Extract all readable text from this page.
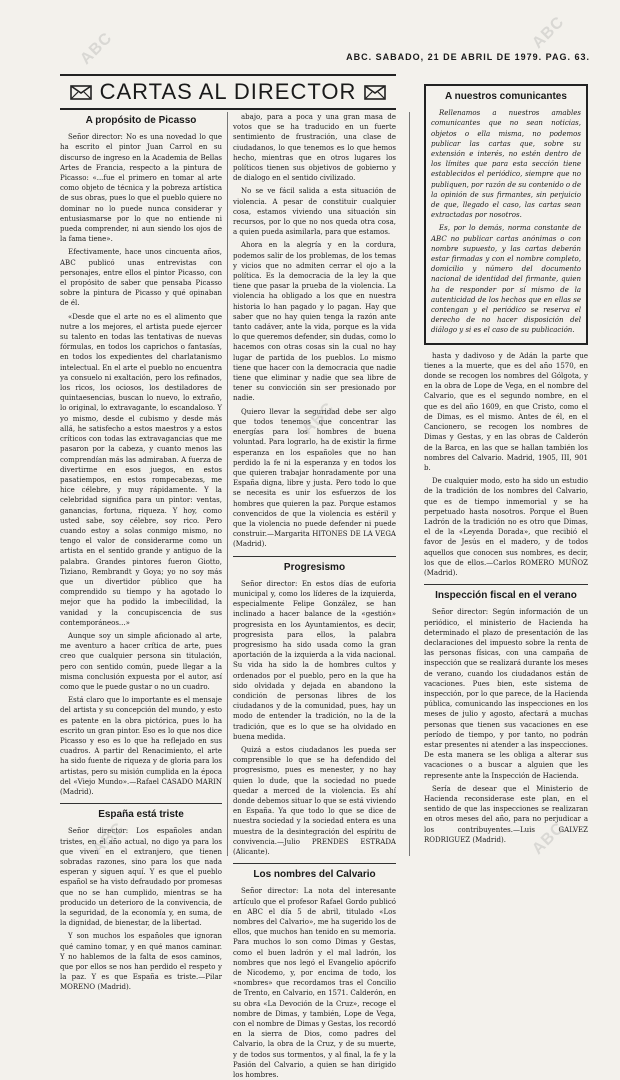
ABC. SABADO, 21 DE ABRIL DE 1979. PAG. 63.
CARTAS AL DIRECTOR
A propósito de Picasso

Señor director: No es una novedad lo que ha escrito el pintor Juan Carrol en su discurso de ingreso en la Academia de Bellas Artes de Francia, respecto a la pintura de Picasso: «...fue el primero en tomar al arte como objeto de técnica y la pobreza artística de sus obras, pues lo que el pueblo quiere no dominar no lo puede nunca considerar y entusiasmarse por lo que no entiende ni pueda comprender, ni aun siendo los ojos de la fama tiene».

Efectivamente, hace unos cincuenta años, ABC publicó unas entrevistas con personajes, entre ellos el pintor Picasso, con el propósito de saber que pensaba Picasso sobre la pintura de Picasso y qué opinaban de él.

«Desde que el arte no es el alimento que nutre a los mejores, el artista puede ejercer su talento en todas las tentativas de nuevas fórmulas, en todos los caprichos o fantasías, en todos los expedientes del charlatanismo intelectual. En el arte el pueblo no encuentra ya consuelo ni exaltación, pero los refinados, los ricos, los ociosos, los destiladores de quintaesencias, buscan lo nuevo, lo extraño, lo original, lo extravagante, lo escandaloso. Y yo mismo, desde el cubismo y desde más allá, he satisfecho a estos maestros y a estos críticos con todas las extravagancias que me pasaron por la cabeza, y cuanto menos las comprendían más las admiraban. A fuerza de divertirme en esos juegos, en estos pasatiempos, en estos rompecabezas, me hice célebre, y muy rápidamente. Y la celebridad significa para un pintor: ventas, ganancias, fortuna, riqueza. Y hoy, como usted sabe, soy célebre, soy rico. Pero cuando estoy a solas conmigo mismo, no tengo el valor de considerarme como un artista en el sentido grande y antiguo de la palabra. Grandes pintores fueron Giotto, Tiziano, Rembrandt y Goya; yo no soy más que un divertidor público que ha comprendido su tiempo y ha agotado lo mejor que ha podido la imbecilidad, la vanidad y la concupiscencia de sus contemporáneos...»

Aunque soy un simple aficionado al arte, me aventuro a hacer crítica de arte, pues creo que cualquier persona sin titulación, pero con sentido común, puede llegar a la misma conclusión expuesta por el autor, así como que le puede gustar o no un cuadro.

Está claro que lo importante es el mensaje del artista y su concepción del mundo, y esto es patente en la obra pictórica, pues lo ha escrito un gran pintor. Eso es lo que nos dice Picasso y eso es lo que ha reflejado en sus cuadros. A partir del Renacimiento, el arte ha sido fuente de riqueza y de gloria para los artistas, pero su misión cumplida en la época del «Viejo Mundo».—Rafael CASADO MARIN (Madrid).

España está triste

Señor director: Los españoles andan tristes, en el año actual, no digo ya para los que viven en el extranjero, que tienen sobradas razones, sino para los que nada esperan y siguen aquí. Y es que el pueblo español se ha visto defraudado por promesas que no se han cumplido, mientras se ha producido un deterioro de la convivencia, de la seguridad, de la economía y, en suma, de la dignidad, de bienestar, de la libertad.

Y son muchos los españoles que ignoran qué camino tomar, y en qué manos caminar. Y no hablemos de la falta de esos caminos, que por ellos se nos han perdido el respeto y la paz. Y es que España es triste.—Pilar MORENO (Madrid).

abajo, para a poca y una gran masa de votos que se ha traducido en un fuerte sentimiento de frustración, una clase de ciudadanos, lo que tenemos es lo que hemos hecho, mientras que en otros lugares los políticos tienen sus objetivos de gobierno y de dialogo en el sentido civilizado.

No se ve fácil salida a esta situación de violencia. A pesar de constituir cualquier cosa, estamos viviendo una situación sin recursos, por lo que no nos queda otra cosa, a quien pueda asimilarla, para que estamos.

Ahora en la alegría y en la cordura, podemos salir de los problemas, de los temas y vicios que no admiten cerrar el ojo a la política. Es la democracia de la ley la que tiene que pasar la prueba de la violencia. La violencia ha obligado a los que en nuestra historia lo han pagado y lo pagan. Hay que saber que no hay quien tenga la razón ante tanto cadáver, ante la vida, porque es la vida lo que queremos defender, sin dudas, como lo hacemos con otras cosas sin la cual no hay lugar de partida de los pueblos. Lo mismo tiene que hacer con la democracia que nadie tiene que eliminar y nadie que sea libre de tener su convicción sin ser presionado por nadie.

Quiero llevar la seguridad debe ser algo que todos tenemos que concentrar las energías para los hombres de buena voluntad. Para lograrlo, ha de existir la firme esperanza en los españoles que no han perdido la fe ni la esperanza y en todos los que quieren trabajar honradamente por una España digna, libre y justa. Pero todo lo que se necesita es unir los esfuerzos de los hombres que quieren la paz. Porque estamos convencidos de que la violencia es estéril y que la violencia no puede defender ni puede construir.—Margarita HITONES DE LA VEGA (Madrid).

Progresismo

Señor director: En estos días de euforia municipal y, como los líderes de la izquierda, especialmente Felipe González, se han inclinado a hacer balance de la «gestión» progresista en los Ayuntamientos, es decir, progresista para ellos, la palabra progresismo ha sido usada como la gran aportación de la izquierda a la vida nacional. Su vida ha sido la de hombres cultos y ordenados por el pueblo, pero en la que ha sido olvidada y dejada en abandono la condición de personas libres de los ciudadanos y de la comunidad, pues, hay un modo de entender la tradición, no la de la tradición, que es lo que se ha olvidado en buena medida.

Quizá a estos ciudadanos les pueda ser comprensible lo que se ha defendido del progresismo, pues es menester, y no hay quien lo dude, que la sociedad no puede quedar a merced de la violencia. Es ahí donde debemos situar lo que se está viviendo en España. Ya que todo lo que se dice de nuestra sociedad y la sociedad entera es una muestra de la desintegración del espíritu de convivencia.—Julio PRENDES ESTRADA (Alicante).

Los nombres del Calvario

Señor director: La nota del interesante artículo que el profesor Rafael Gordo publicó en ABC el día 5 de abril, titulado «Los nombres del Calvario», me ha sugerido los de ellos, que muchos han tenido en su memoria. Para muchos lo son como Dimas y Gestas, como el buen ladrón y el mal ladrón, los nombres que nos legó el Evangelio apócrifo de Nicodemo, y, por encima de todo, los «nombres» que recordamos tras el Concilio de Trento, en Calvario, en 1571. Calderón, en su obra «La Devoción de la Cruz», recoge el nombre de Dimas, y también, Lope de Vega, con el nombre de Dimas y Gestas, los recordó en la sierra de Dios, como padres del Calvario, la obra de la Cruz, y de su muerte, y de todos sus tormentos, y al final, la fe y la Pasión del Calvario, a quien se han dirigido los hombres.

A nuestros comunicantes

Rellenamos a nuestros amables comunicantes que no sean noticias, objetos o ella misma, no podemos publicar las cartas que, sobre su extensión e interés, no estén dentro de los límites que para esta sección tiene establecidos el periódico, siempre que no publiquen, por razón de su contenido o de la opinión de sus firmantes, sin perjuicio de que, llegado el caso, las cartas sean extractadas por nosotros.

Es, por lo demás, norma constante de ABC no publicar cartas anónimas o con nombre supuesto, y las cartas deberán estar firmadas y con el nombre completo, domicilio y número del documento nacional de identidad del firmante, quien ha de responder por sí mismo de la autenticidad de los hechos que en ellas se contengan y el periódico se reserva el derecho de no hacer disposición del diálogo y si es el caso de su publicación.

hasta y dadivoso y de Adán la parte que tienes a la muerte, que es del año 1570, en donde se recogen los nombres del Gólgota, y en la obra de Lope de Vega, en el nombre del Calvario, que es el segundo nombre, en el que es del año 1609, en que Cristo, como el de Dimas, es el mismo. Antes de él, en el Cancionero, se recogen los nombres de Dimas y Gestas, y en las obras de Calderón de la Barca, en las que se hallan también los nombres del Calvario. Madrid, 1905, III, 901 b.

De cualquier modo, esto ha sido un estudio de la tradición de los nombres del Calvario, que es de tiempo inmemorial y se ha perpetuado hasta nosotros. Porque el Buen Ladrón de la tradición no es otro que Dimas, el de la «Leyenda Dorada», que recibió el favor de Jesús en el madero, y de todos aquellos que conocen sus nombres, es decir, los que de ellos.—Carlos ROMERO MUÑOZ (Madrid).

Inspección fiscal en el verano

Señor director: Según información de un periódico, el ministerio de Hacienda ha determinado el plazo de presentación de las declaraciones del impuesto sobre la renta de las personas físicas, con una campaña de inspección que se realizará durante los meses de verano, cuando los ciudadanos están de vacaciones. Pues bien, este sistema de inspección, por lo que parece, de la Hacienda pública, comunicando las inspecciones en los meses de julio y agosto, afectará a muchas personas que tienen sus vacaciones en ese período de tiempo, y por tanto, no podrán estar presentes ni atender a las inspecciones. De esta manera se les obliga a alterar sus vacaciones o a buscar a alguien que les represente ante la Inspección de Hacienda.

Sería de desear que el Ministerio de Hacienda reconsiderase este plan, en el sentido de que las inspecciones se realizaran en otros meses del año, para no perjudicar a los contribuyentes.—Luis GALVEZ RODRIGUEZ (Madrid).

ABC	ABC
ABC
ABC	ABC
